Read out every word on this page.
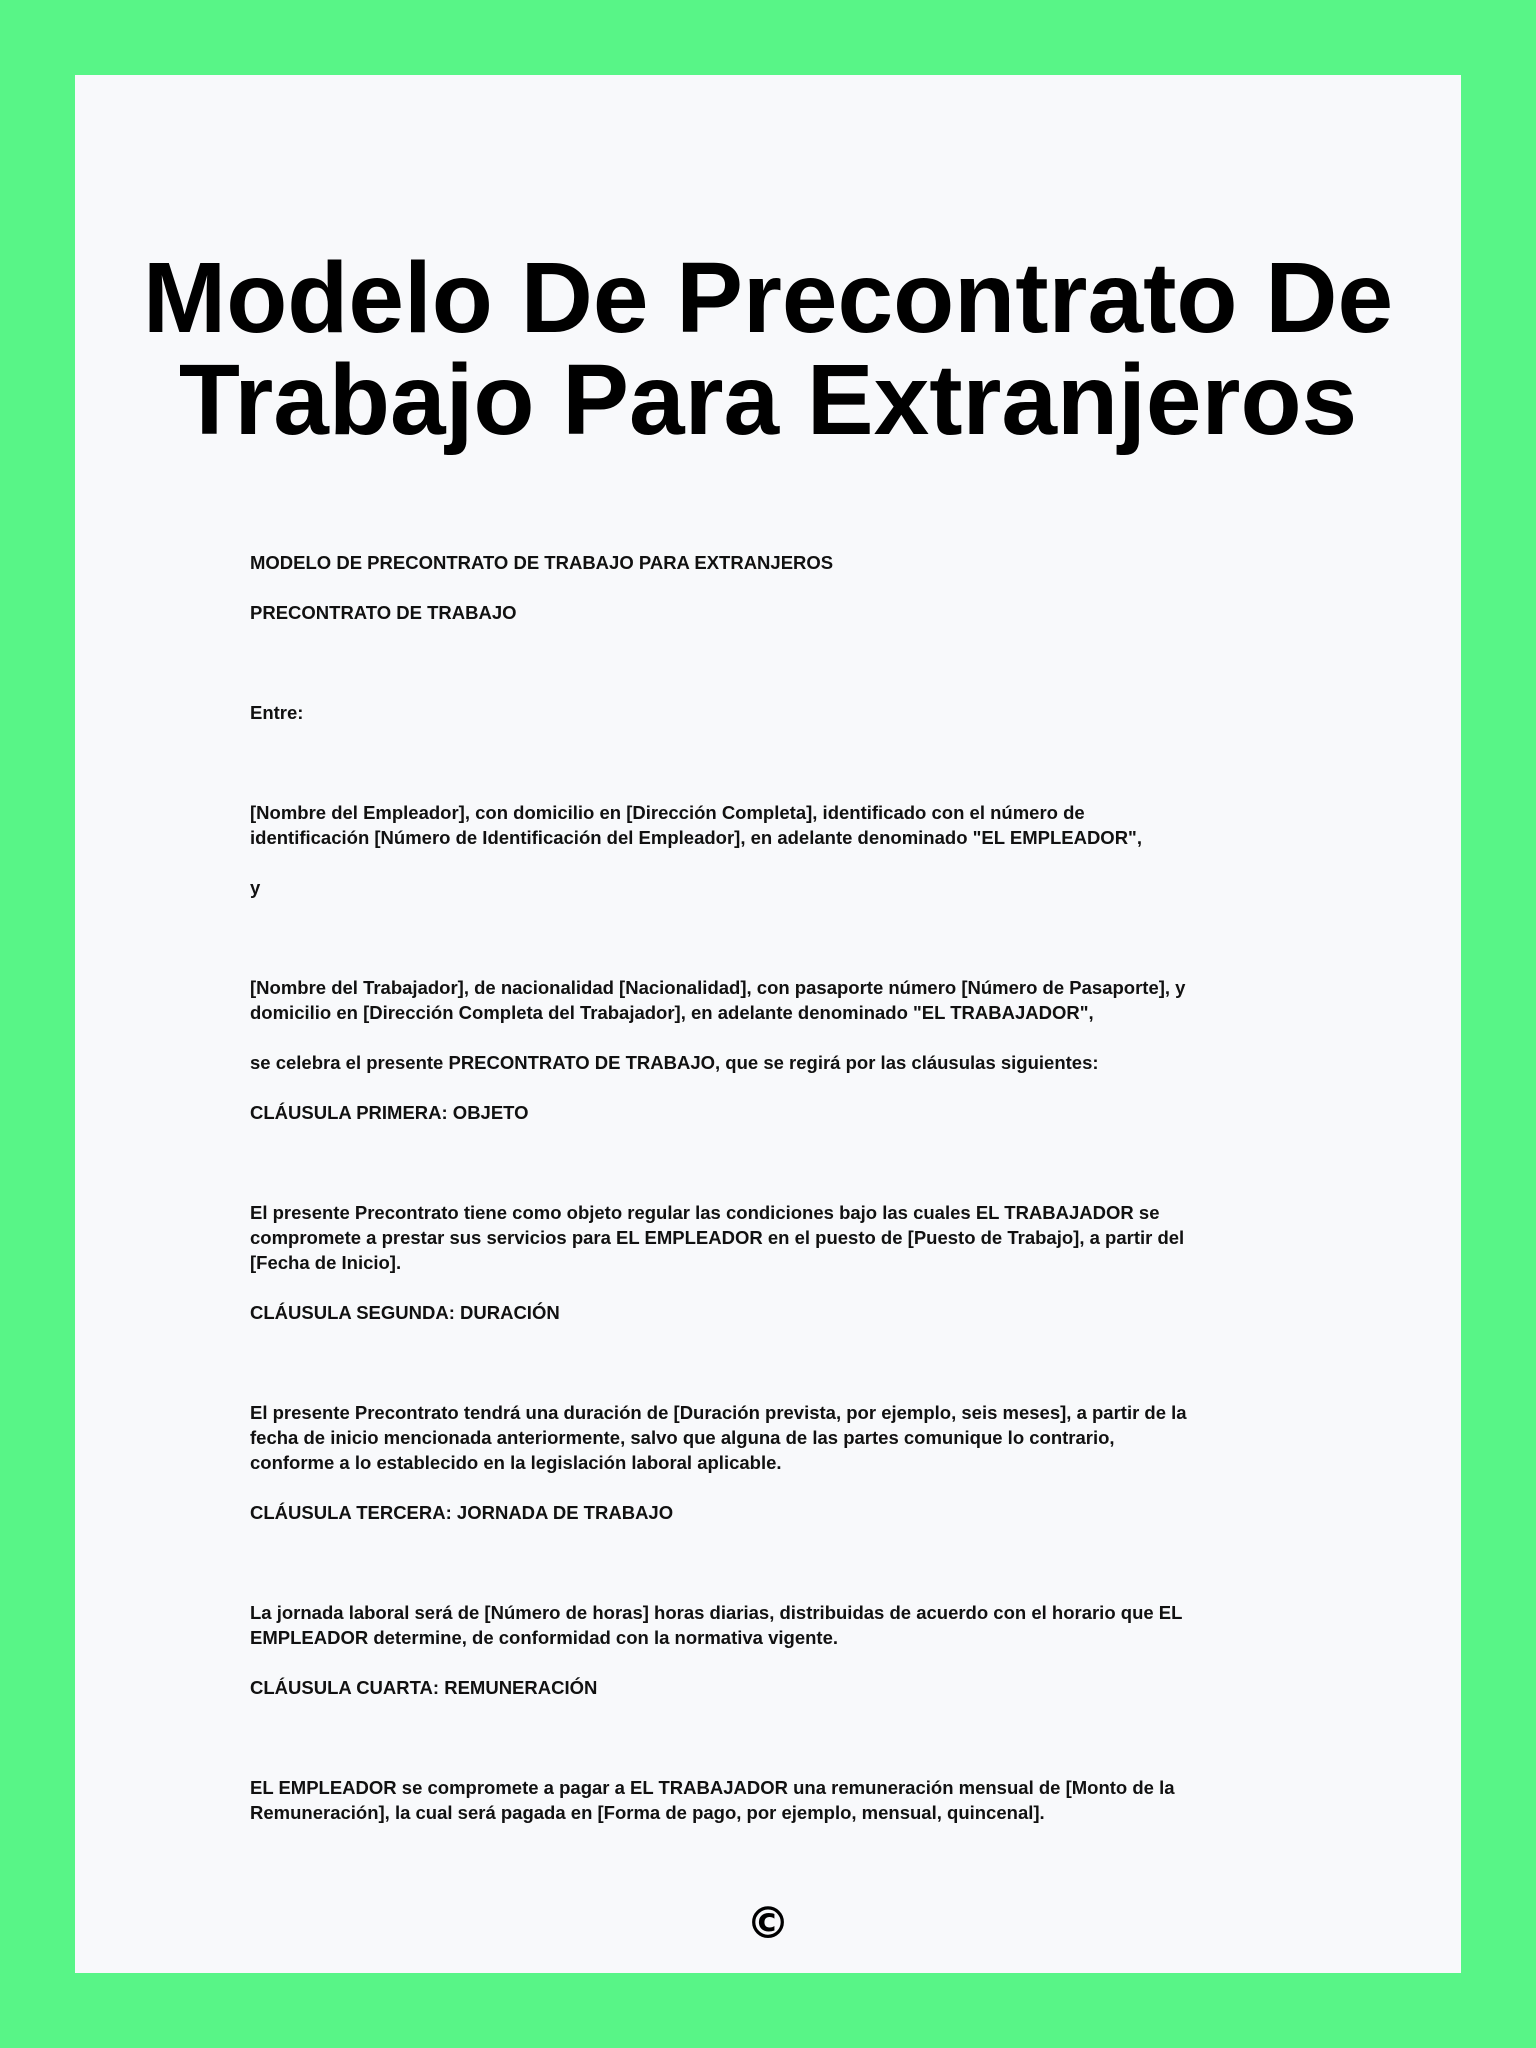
Modelo De Precontrato De
Trabajo Para Extranjeros

MODELO DE PRECONTRATO DE TRABAJO PARA EXTRANJEROS

PRECONTRATO DE TRABAJO

Entre:

[Nombre del Empleador], con domicilio en [Dirección Completa], identificado con el número de
identificación [Número de Identificación del Empleador], en adelante denominado "EL EMPLEADOR",

y

[Nombre del Trabajador], de nacionalidad [Nacionalidad], con pasaporte número [Número de Pasaporte], y
domicilio en [Dirección Completa del Trabajador], en adelante denominado "EL TRABAJADOR",

se celebra el presente PRECONTRATO DE TRABAJO, que se regirá por las cláusulas siguientes:

CLÁUSULA PRIMERA: OBJETO

El presente Precontrato tiene como objeto regular las condiciones bajo las cuales EL TRABAJADOR se
compromete a prestar sus servicios para EL EMPLEADOR en el puesto de [Puesto de Trabajo], a partir del
[Fecha de Inicio].

CLÁUSULA SEGUNDA: DURACIÓN

El presente Precontrato tendrá una duración de [Duración prevista, por ejemplo, seis meses], a partir de la
fecha de inicio mencionada anteriormente, salvo que alguna de las partes comunique lo contrario,
conforme a lo establecido en la legislación laboral aplicable.

CLÁUSULA TERCERA: JORNADA DE TRABAJO

La jornada laboral será de [Número de horas] horas diarias, distribuidas de acuerdo con el horario que EL
EMPLEADOR determine, de conformidad con la normativa vigente.

CLÁUSULA CUARTA: REMUNERACIÓN

EL EMPLEADOR se compromete a pagar a EL TRABAJADOR una remuneración mensual de [Monto de la
Remuneración], la cual será pagada en [Forma de pago, por ejemplo, mensual, quincenal].

©
